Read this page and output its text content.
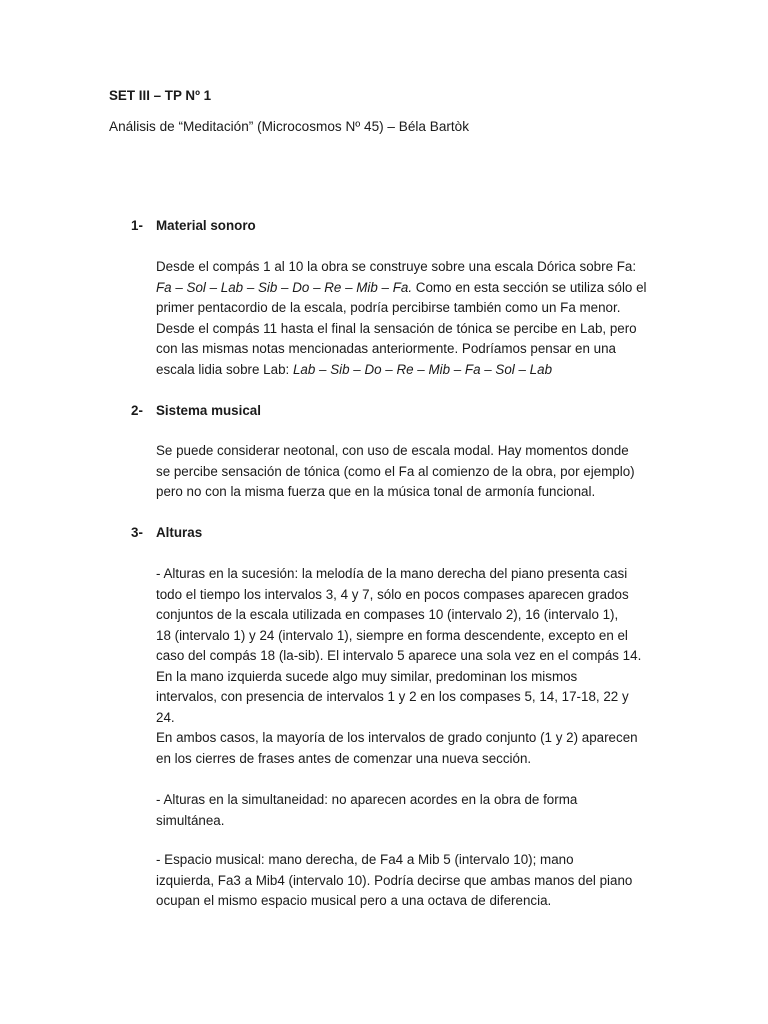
SET III – TP Nº 1
Análisis de “Meditación” (Microcosmos Nº 45) – Béla Bartòk
1- Material sonoro
Desde el compás 1 al 10 la obra se construye sobre una escala Dórica sobre Fa:
Fa – Sol – Lab – Sib – Do – Re – Mib – Fa. Como en esta sección se utiliza sólo el
primer pentacordio de la escala, podría percibirse también como un Fa menor.
Desde el compás 11 hasta el final la sensación de tónica se percibe en Lab, pero
con las mismas notas mencionadas anteriormente. Podríamos pensar en una
escala lidia sobre Lab: Lab – Sib – Do – Re – Mib – Fa – Sol – Lab
2- Sistema musical
Se puede considerar neotonal, con uso de escala modal. Hay momentos donde
se percibe sensación de tónica (como el Fa al comienzo de la obra, por ejemplo)
pero no con la misma fuerza que en la música tonal de armonía funcional.
3- Alturas
- Alturas en la sucesión: la melodía de la mano derecha del piano presenta casi
todo el tiempo los intervalos 3, 4 y 7, sólo en pocos compases aparecen grados
conjuntos de la escala utilizada en compases 10 (intervalo 2), 16 (intervalo 1),
18 (intervalo 1) y 24 (intervalo 1), siempre en forma descendente, excepto en el
caso del compás 18 (la-sib). El intervalo 5 aparece una sola vez en el compás 14.
En la mano izquierda sucede algo muy similar, predominan los mismos
intervalos, con presencia de intervalos 1 y 2 en los compases 5, 14, 17-18, 22 y
24.
En ambos casos, la mayoría de los intervalos de grado conjunto (1 y 2) aparecen
en los cierres de frases antes de comenzar una nueva sección.
- Alturas en la simultaneidad: no aparecen acordes en la obra de forma
simultánea.
- Espacio musical: mano derecha, de Fa4 a Mib 5 (intervalo 10); mano
izquierda, Fa3 a Mib4 (intervalo 10). Podría decirse que ambas manos del piano
ocupan el mismo espacio musical pero a una octava de diferencia.
